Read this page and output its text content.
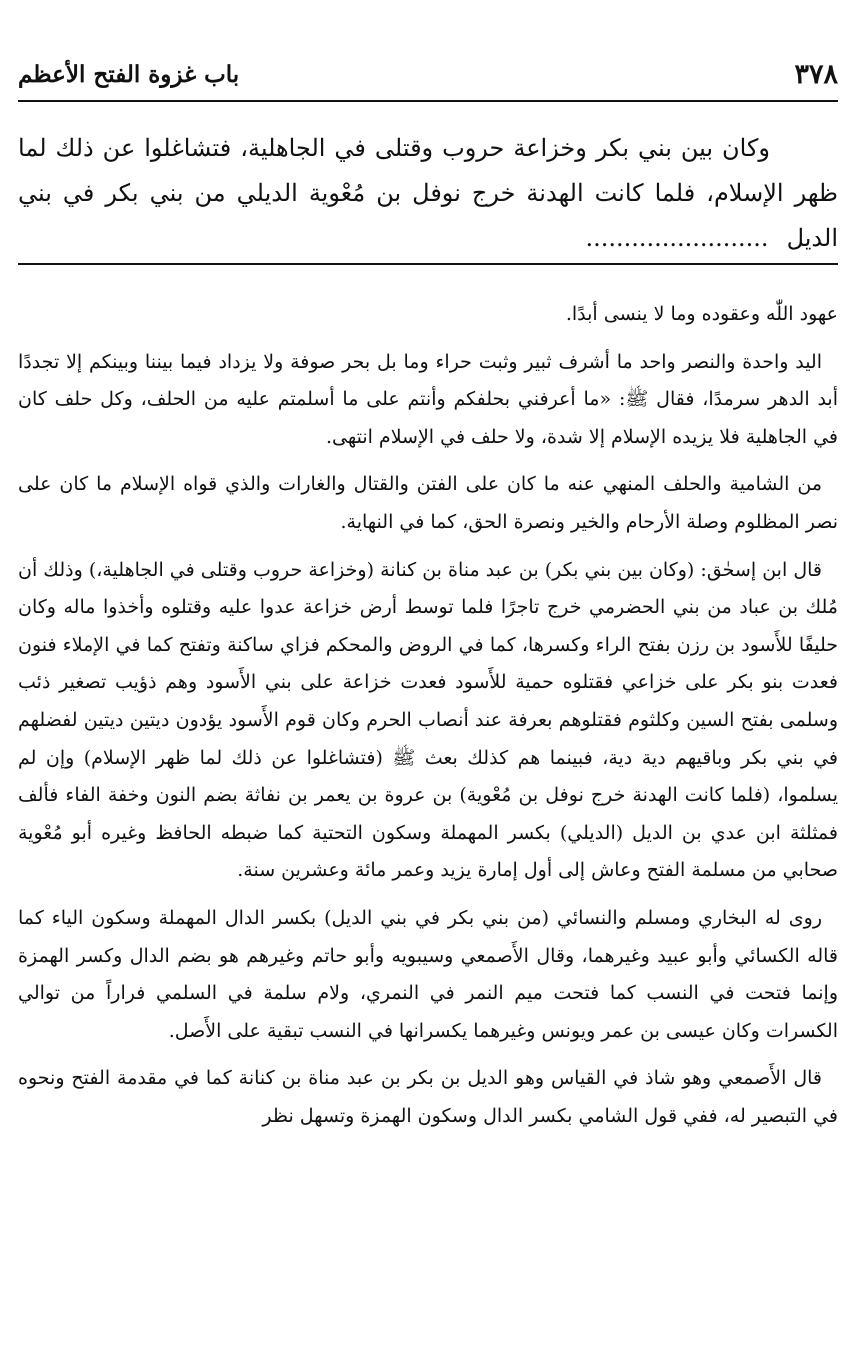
٣٧٨
باب غزوة الفتح الأعظم

وكان بين بني بكر وخزاعة حروب وقتلى في الجاهلية، فتشاغلوا عن ذلك لما ظهر الإسلام، فلما كانت الهدنة خرج نوفل بن مُعْوية الديلي من بني بكر في بني الديل........................

عهود اللّٰه وعقوده وما لا ينسى أبدًا.

اليد واحدة والنصر واحد ما أشرف ثبير وثبت حراء وما بل بحر صوفة ولا يزداد فيما بيننا وبينكم إلا تجددًا أبد الدهر سرمدًا، فقال ﷺ: «ما أعرفني بحلفكم وأنتم على ما أسلمتم عليه من الحلف، وكل حلف كان في الجاهلية فلا يزيده الإسلام إلا شدة، ولا حلف في الإسلام انتهى.

من الشامية والحلف المنهي عنه ما كان على الفتن والقتال والغارات والذي قواه الإسلام ما كان على نصر المظلوم وصلة الأرحام والخير ونصرة الحق، كما في النهاية.

قال ابن إسحٰق: (وكان بين بني بكر) بن عبد مناة بن كنانة (وخزاعة حروب وقتلى في الجاهلية،) وذلك أن مُلك بن عباد من بني الحضرمي خرج تاجرًا فلما توسط أرض خزاعة عدوا عليه وقتلوه وأخذوا ماله وكان حليفًا للأَسود بن رزن بفتح الراء وكسرها، كما في الروض والمحكم فزاي ساكنة وتفتح كما في الإملاء فنون فعدت بنو بكر على خزاعي فقتلوه حمية للأَسود فعدت خزاعة على بني الأَسود وهم ذؤيب تصغير ذئب وسلمى بفتح السين وكلثوم فقتلوهم بعرفة عند أنصاب الحرم وكان قوم الأَسود يؤدون ديتين ديتين لفضلهم في بني بكر وباقيهم دية دية، فبينما هم كذلك بعث ﷺ (فتشاغلوا عن ذلك لما ظهر الإسلام) وإن لم يسلموا، (فلما كانت الهدنة خرج نوفل بن مُعْوية) بن عروة بن يعمر بن نفاثة بضم النون وخفة الفاء فألف فمثلثة ابن عدي بن الديل (الديلي) بكسر المهملة وسكون التحتية كما ضبطه الحافظ وغيره أبو مُعْوية صحابي من مسلمة الفتح وعاش إلى أول إمارة يزيد وعمر مائة وعشرين سنة.

روى له البخاري ومسلم والنسائي (من بني بكر في بني الديل) بكسر الدال المهملة وسكون الياء كما قاله الكسائي وأبو عبيد وغيرهما، وقال الأَصمعي وسيبويه وأبو حاتم وغيرهم هو بضم الدال وكسر الهمزة وإنما فتحت في النسب كما فتحت ميم النمر في النمري، ولام سلمة في السلمي فراراً من توالي الكسرات وكان عيسى بن عمر ويونس وغيرهما يكسرانها في النسب تبقية على الأَصل.

قال الأَصمعي وهو شاذ في القياس وهو الديل بن بكر بن عبد مناة بن كنانة كما في مقدمة الفتح ونحوه في التبصير له، ففي قول الشامي بكسر الدال وسكون الهمزة وتسهل نظر
